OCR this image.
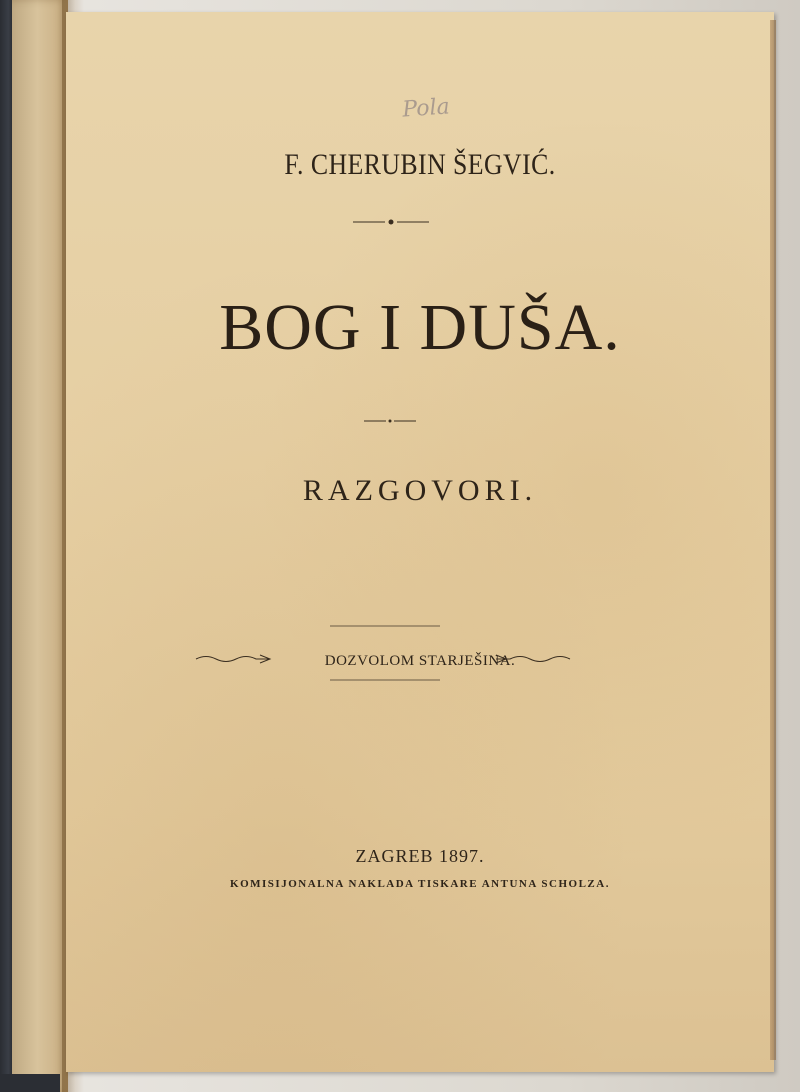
Pola
F. CHERUBIN ŠEGVIĆ.
BOG I DUŠA.
RAZGOVORI.
DOZVOLOM STARJEŠINA.
ZAGREB 1897.
KOMISIJONALNA NAKLADA TISKARE ANTUNA SCHOLZA.
